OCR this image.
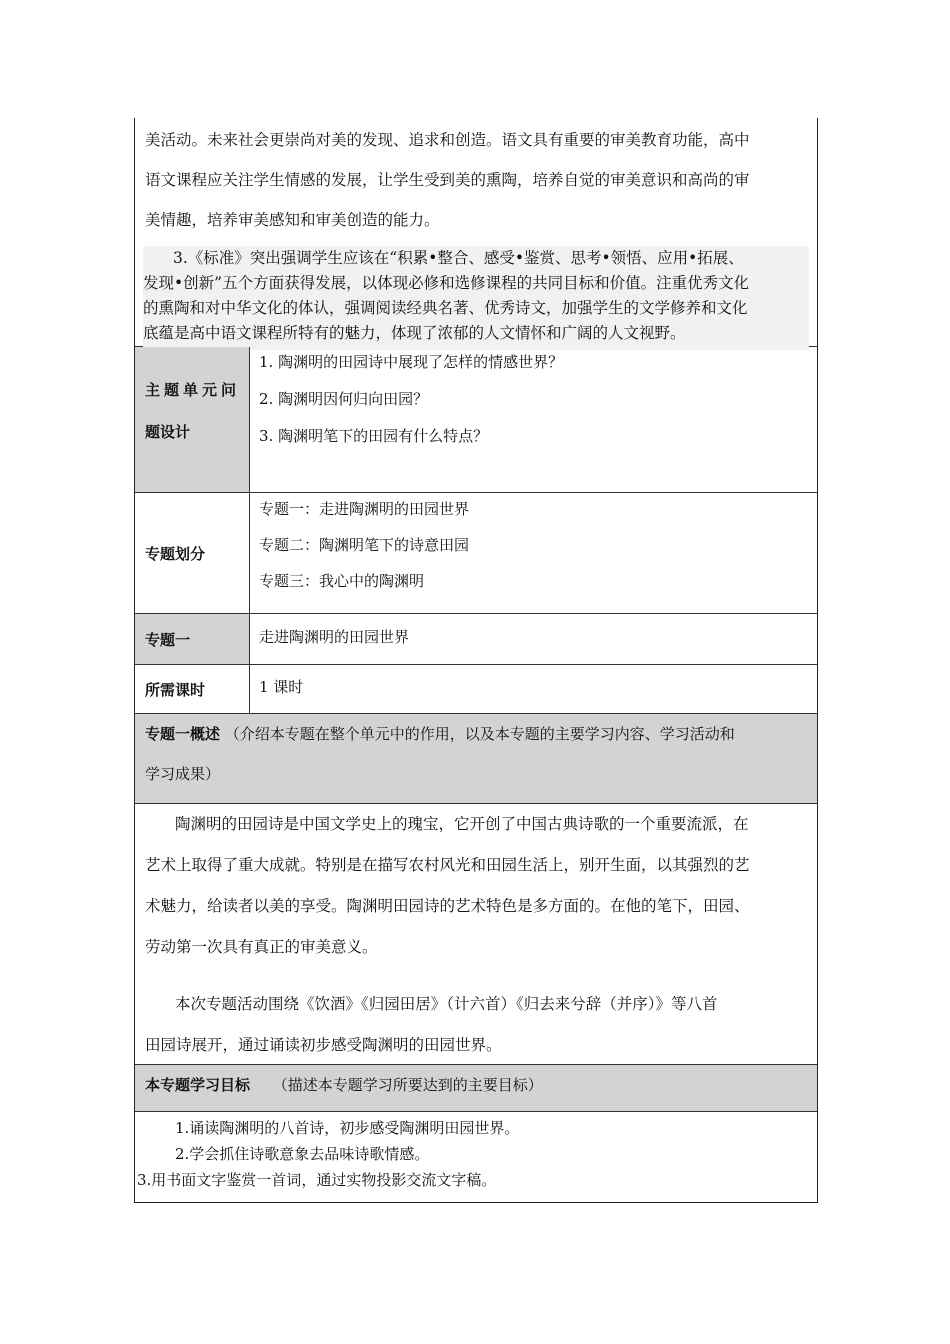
美活动。未来社会更崇尚对美的发现、追求和创造。语文具有重要的审美教育功能，高中
语文课程应关注学生情感的发展，让学生受到美的熏陶，培养自觉的审美意识和高尚的审
美情趣，培养审美感知和审美创造的能力。
3.《标准》突出强调学生应该在“积累•整合、感受•鉴赏、思考•领悟、应用•拓展、
发现•创新”五个方面获得发展，以体现必修和选修课程的共同目标和价值。注重优秀文化
的熏陶和对中华文化的体认，强调阅读经典名著、优秀诗文，加强学生的文学修养和文化
底蕴是高中语文课程所特有的魅力，体现了浓郁的人文情怀和广阔的人文视野。
主题单元问
题设计
1. 陶渊明的田园诗中展现了怎样的情感世界？
2. 陶渊明因何归向田园？
3. 陶渊明笔下的田园有什么特点？
专题划分
专题一：走进陶渊明的田园世界
专题二：陶渊明笔下的诗意田园
专题三：我心中的陶渊明
专题一	走进陶渊明的田园世界
所需课时	1 课时
专题一概述 （介绍本专题在整个单元中的作用，以及本专题的主要学习内容、学习活动和
学习成果）
陶渊明的田园诗是中国文学史上的瑰宝，它开创了中国古典诗歌的一个重要流派，在
艺术上取得了重大成就。特别是在描写农村风光和田园生活上，别开生面，以其强烈的艺
术魅力，给读者以美的享受。陶渊明田园诗的艺术特色是多方面的。在他的笔下，田园、
劳动第一次具有真正的审美意义。
本次专题活动围绕《饮酒》《归园田居》（计六首）《归去来兮辞（并序）》等八首
田园诗展开，通过诵读初步感受陶渊明的田园世界。
本专题学习目标 （描述本专题学习所要达到的主要目标）
1.诵读陶渊明的八首诗，初步感受陶渊明田园世界。
2.学会抓住诗歌意象去品味诗歌情感。
3.用书面文字鉴赏一首词，通过实物投影交流文字稿。
